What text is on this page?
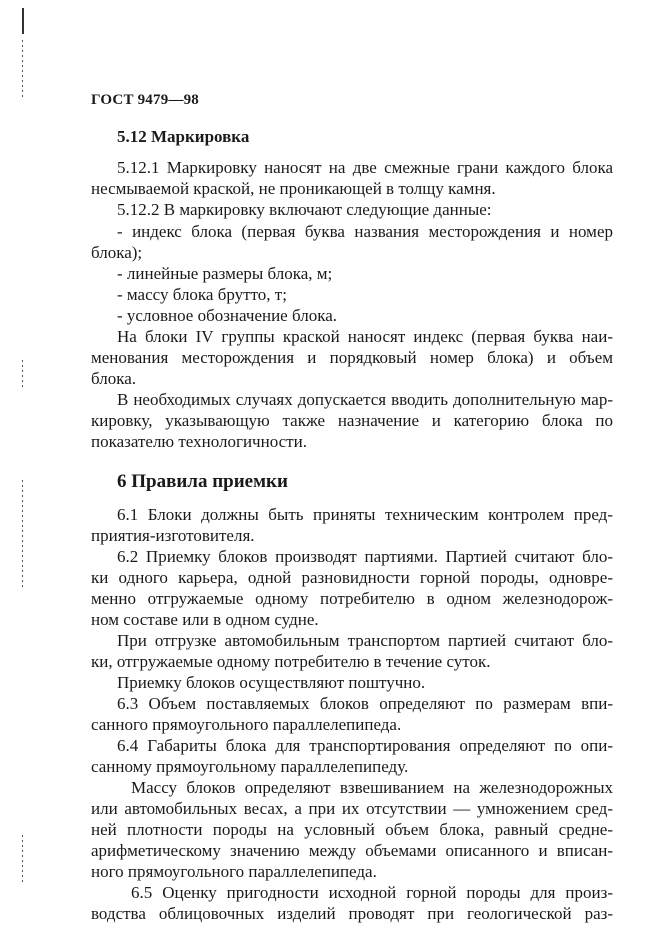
ГОСТ 9479—98
5.12 Маркировка
5.12.1 Маркировку наносят на две смежные грани каждого блока
несмываемой краской, не проникающей в толщу камня.
5.12.2 В маркировку включают следующие данные:
- индекс блока (первая буква названия месторождения и номер
блока);
- линейные размеры блока, м;
- массу блока брутто, т;
- условное обозначение блока.
На блоки IV группы краской наносят индекс (первая буква наи-
менования месторождения и порядковый номер блока) и объем
блока.
В необходимых случаях допускается вводить дополнительную мар-
кировку, указывающую также назначение и категорию блока по
показателю технологичности.
6 Правила приемки
6.1 Блоки должны быть приняты техническим контролем пред-
приятия-изготовителя.
6.2 Приемку блоков производят партиями. Партией считают бло-
ки одного карьера, одной разновидности горной породы, одновре-
менно отгружаемые одному потребителю в одном железнодорож-
ном составе или в одном судне.
При отгрузке автомобильным транспортом партией считают бло-
ки, отгружаемые одному потребителю в течение суток.
Приемку блоков осуществляют поштучно.
6.3 Объем поставляемых блоков определяют по размерам впи-
санного прямоугольного параллелепипеда.
6.4 Габариты блока для транспортирования определяют по опи-
санному прямоугольному параллелепипеду.
Массу блоков определяют взвешиванием на железнодорожных
или автомобильных весах, а при их отсутствии — умножением сред-
ней плотности породы на условный объем блока, равный средне-
арифметическому значению между объемами описанного и вписан-
ного прямоугольного параллелепипеда.
6.5 Оценку пригодности исходной горной породы для произ-
водства облицовочных изделий проводят при геологической раз-
